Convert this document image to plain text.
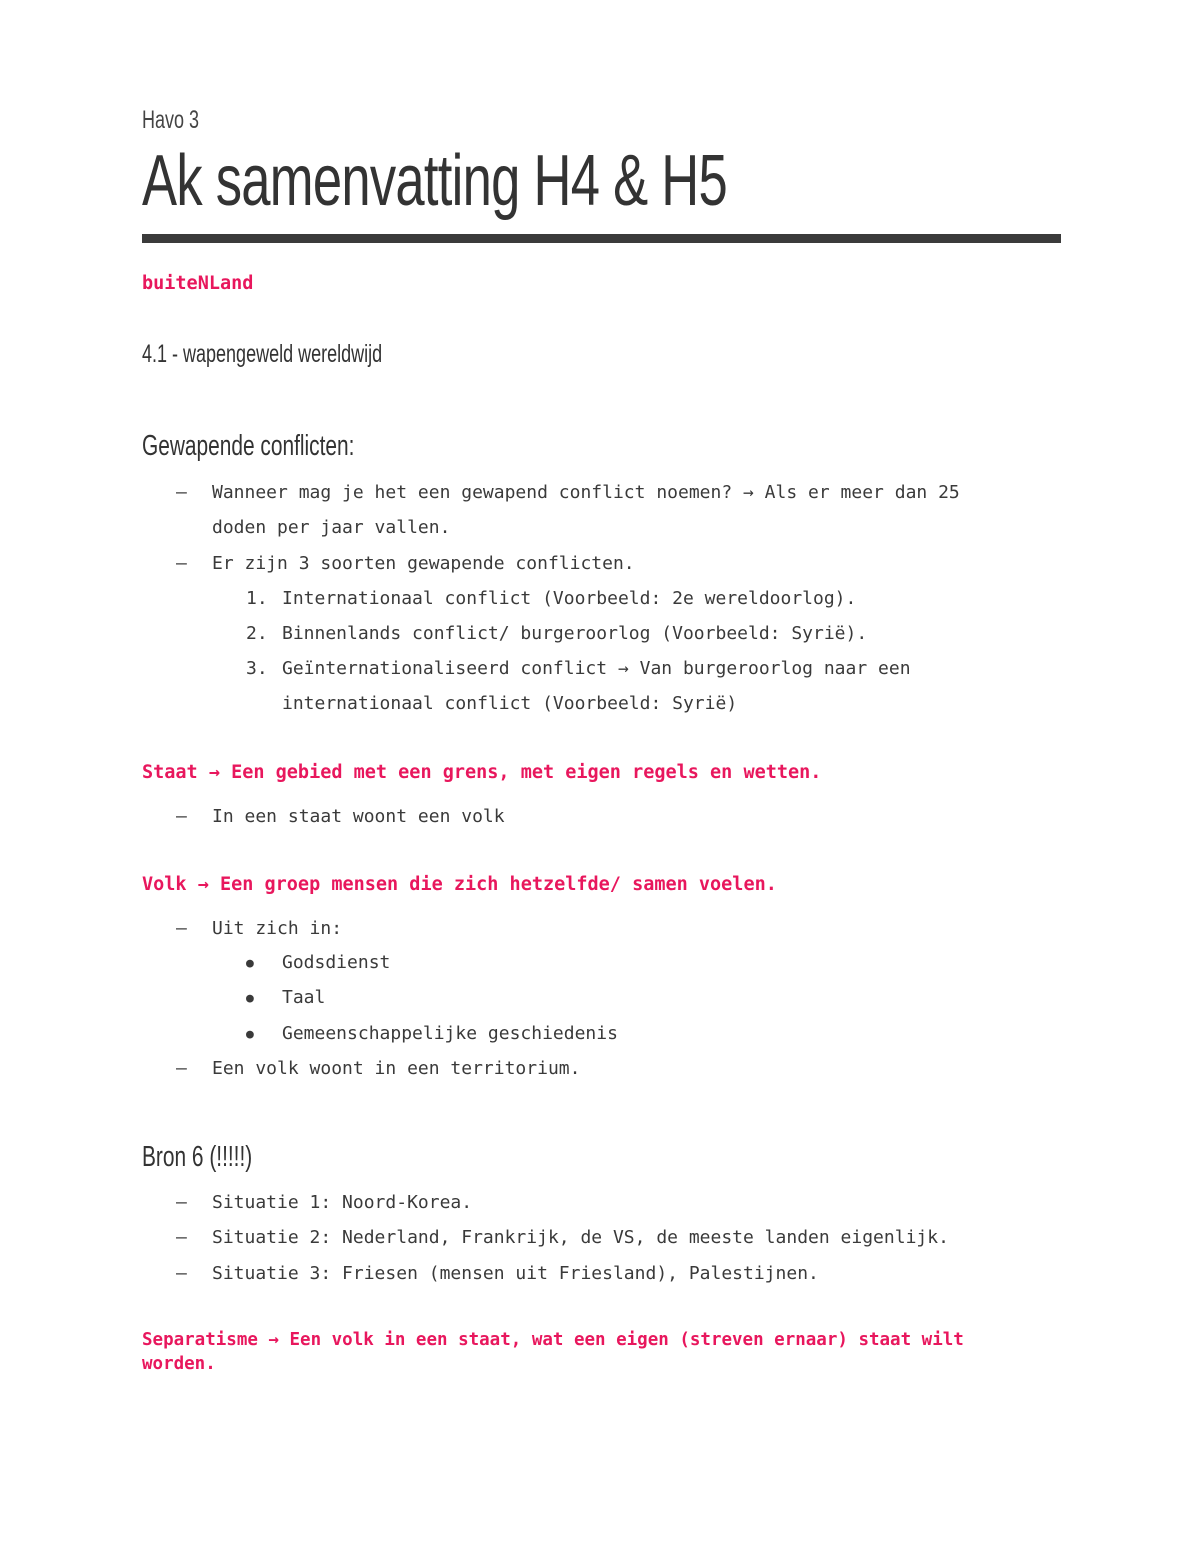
Havo 3
Ak samenvatting H4 & H5
buiteNLand
4.1 - wapengeweld wereldwijd
Gewapende conflicten:
– Wanneer mag je het een gewapend conflict noemen? → Als er meer dan 25
doden per jaar vallen.
– Er zijn 3 soorten gewapende conflicten.
1. Internationaal conflict (Voorbeeld: 2e wereldoorlog).
2. Binnenlands conflict/ burgeroorlog (Voorbeeld: Syrië).
3. Geïnternationaliseerd conflict → Van burgeroorlog naar een
internationaal conflict (Voorbeeld: Syrië)
Staat → Een gebied met een grens, met eigen regels en wetten.
– In een staat woont een volk
Volk → Een groep mensen die zich hetzelfde/ samen voelen.
– Uit zich in:
● Godsdienst
● Taal
● Gemeenschappelijke geschiedenis
– Een volk woont in een territorium.
Bron 6 (!!!!!)
– Situatie 1: Noord-Korea.
– Situatie 2: Nederland, Frankrijk, de VS, de meeste landen eigenlijk.
– Situatie 3: Friesen (mensen uit Friesland), Palestijnen.
Separatisme → Een volk in een staat, wat een eigen (streven ernaar) staat wilt
worden.
